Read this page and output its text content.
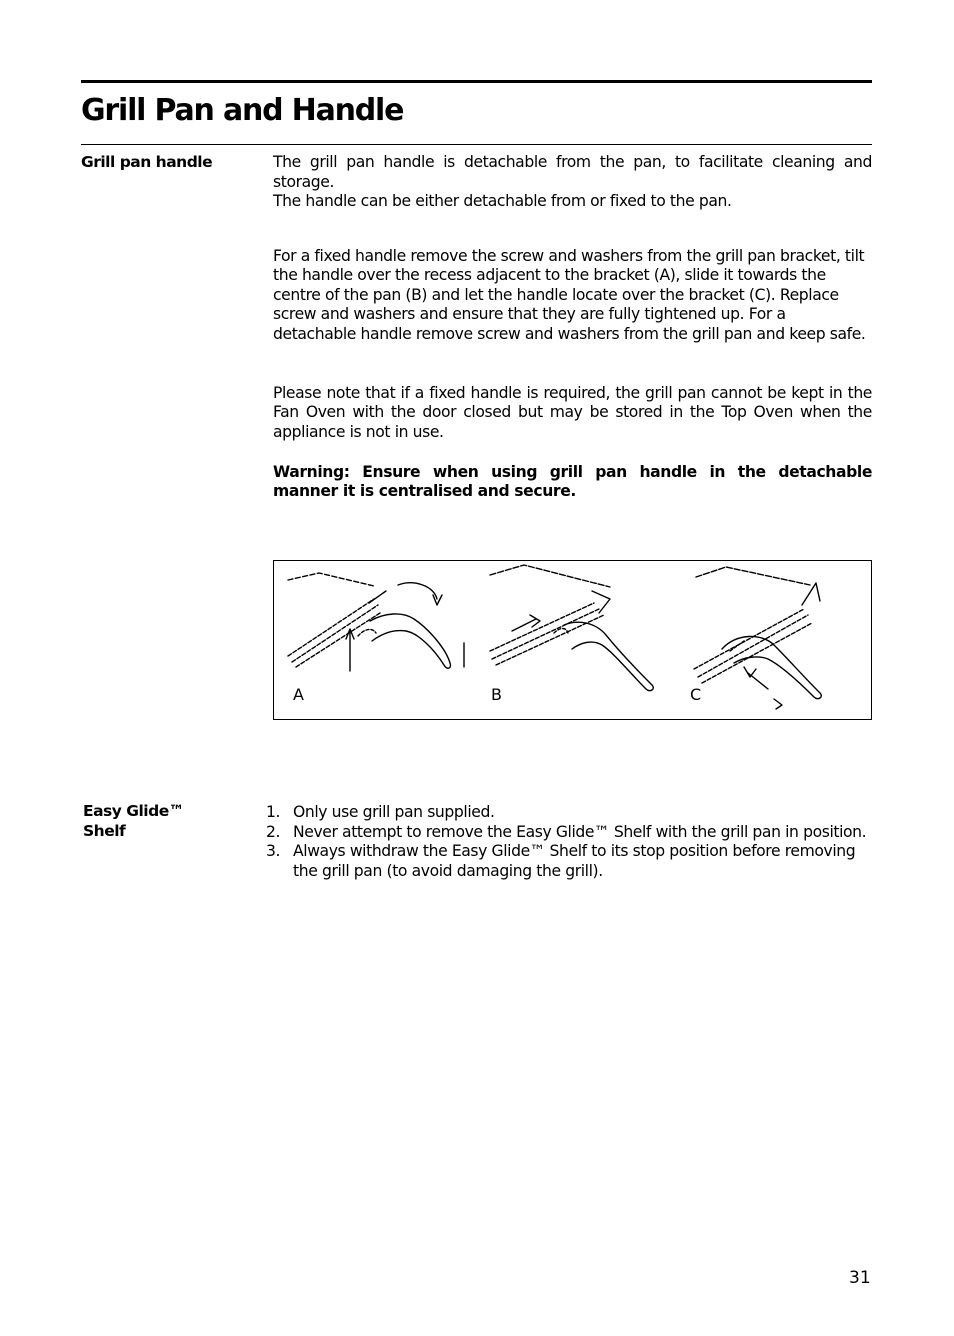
Grill Pan and Handle
Grill pan handle	The grill pan handle is detachable from the pan, to facilitate cleaning and storage.

The handle can be either detachable from or fixed to the pan.

For a fixed handle remove the screw and washers from the grill pan bracket, tilt the handle over the recess adjacent to the bracket (A), slide it towards the centre of the pan (B) and let the handle locate over the bracket (C). Replace screw and washers and ensure that they are fully tightened up. For a detachable handle remove screw and washers from the grill pan and keep safe.

Please note that if a fixed handle is required, the grill pan cannot be kept in the Fan Oven with the door closed but may be stored in the Top Oven when the appliance is not in use.

Warning: Ensure when using grill pan handle in the detachable manner it is centralised and secure.

A	B	C
Easy Glide™
Shelf
1. Only use grill pan supplied.
2. Never attempt to remove the Easy Glide™ Shelf with the grill pan in position.
3. Always withdraw the Easy Glide™ Shelf to its stop position before removing the grill pan (to avoid damaging the grill).
31
